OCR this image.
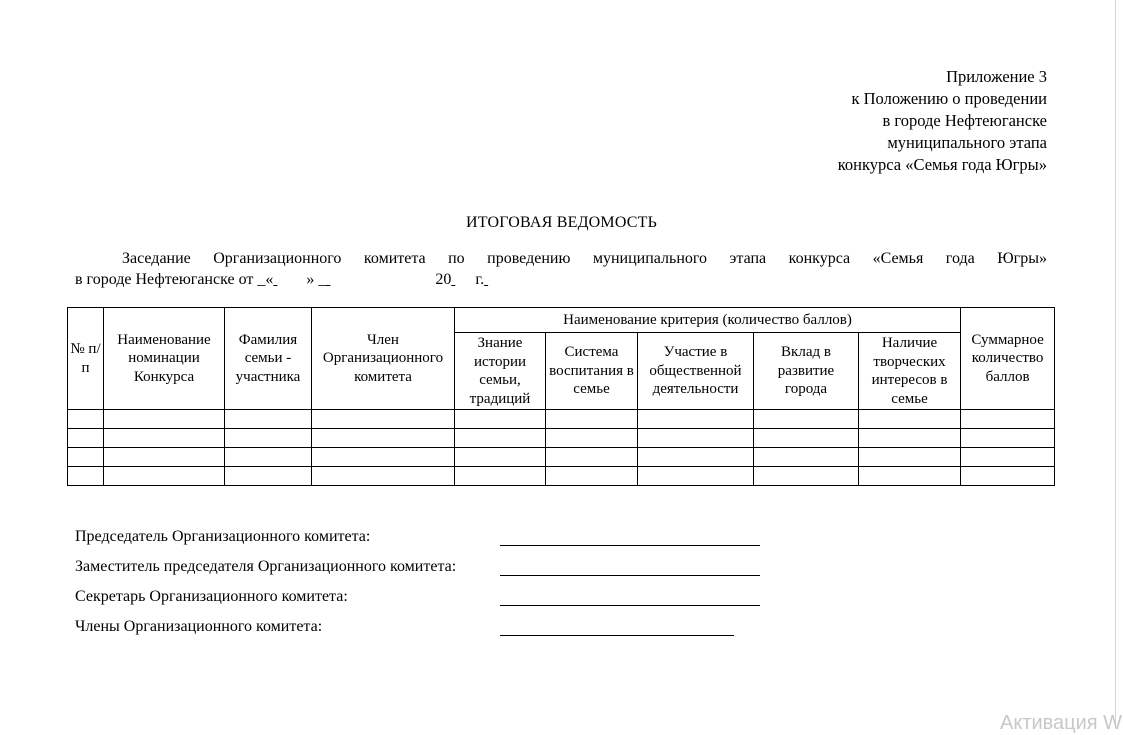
Приложение 3
к Положению о проведении
в городе Нефтеюганске
муниципального этапа
конкурса «Семья года Югры»
ИТОГОВАЯ ВЕДОМОСТЬ
Заседание Организационного комитета по проведению муниципального этапа конкурса «Семья года Югры»
в городе Нефтеюганске от _« » _	20 г.
№ п/п	Наименование номинации Конкурса	Фамилия семьи - участника	Член Организационного комитета	Наименование критерия (количество баллов)					Суммарное количество баллов
				Знание истории семьи, традиций	Система воспитания в семье	Участие в общественной деятельности	Вклад в развитие города	Наличие творческих интересов в семье	

Председатель Организационного комитета:
Заместитель председателя Организационного комитета:
Секретарь Организационного комитета:
Члены Организационного комитета:
Активация W
